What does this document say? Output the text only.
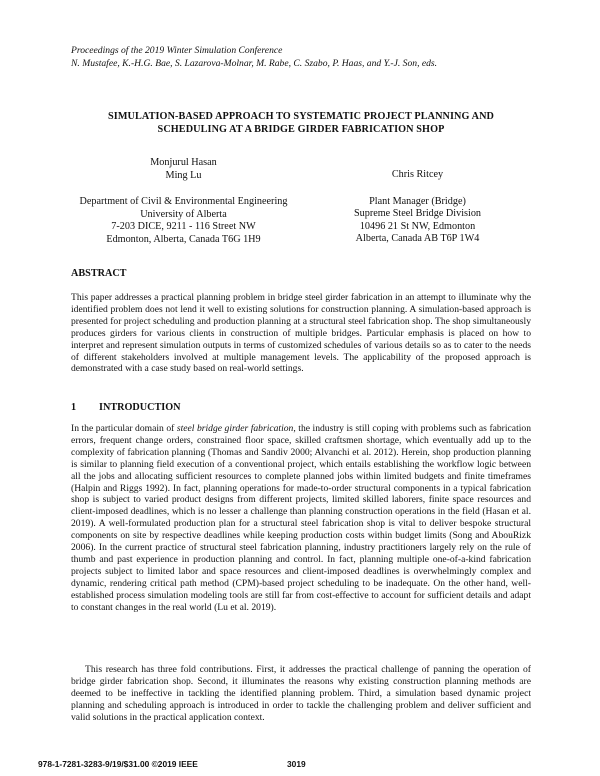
Proceedings of the 2019 Winter Simulation Conference
N. Mustafee, K.-H.G. Bae, S. Lazarova-Molnar, M. Rabe, C. Szabo, P. Haas, and Y.-J. Son, eds.
SIMULATION-BASED APPROACH TO SYSTEMATIC PROJECT PLANNING AND
SCHEDULING AT A BRIDGE GIRDER FABRICATION SHOP
Monjurul Hasan
Ming Lu
Department of Civil & Environmental Engineering
University of Alberta
7-203 DICE, 9211 - 116 Street NW
Edmonton, Alberta, Canada T6G 1H9
Chris Ritcey
Plant Manager (Bridge)
Supreme Steel Bridge Division
10496 21 St NW, Edmonton
Alberta, Canada AB T6P 1W4
ABSTRACT
This paper addresses a practical planning problem in bridge steel girder fabrication in an attempt to illuminate why the identified problem does not lend it well to existing solutions for construction planning. A simulation-based approach is presented for project scheduling and production planning at a structural steel fabrication shop. The shop simultaneously produces girders for various clients in construction of multiple bridges. Particular emphasis is placed on how to interpret and represent simulation outputs in terms of customized schedules of various details so as to cater to the needs of different stakeholders involved at multiple management levels. The applicability of the proposed approach is demonstrated with a case study based on real-world settings.
1 INTRODUCTION
In the particular domain of steel bridge girder fabrication, the industry is still coping with problems such as fabrication errors, frequent change orders, constrained floor space, skilled craftsmen shortage, which eventually add up to the complexity of fabrication planning (Thomas and Sandiv 2000; Alvanchi et al. 2012). Herein, shop production planning is similar to planning field execution of a conventional project, which entails establishing the workflow logic between all the jobs and allocating sufficient resources to complete planned jobs within limited budgets and finite timeframes (Halpin and Riggs 1992). In fact, planning operations for made-to-order structural components in a typical fabrication shop is subject to varied product designs from different projects, limited skilled laborers, finite space resources and client-imposed deadlines, which is no lesser a challenge than planning construction operations in the field (Hasan et al. 2019). A well-formulated production plan for a structural steel fabrication shop is vital to deliver bespoke structural components on site by respective deadlines while keeping production costs within budget limits (Song and AbouRizk 2006). In the current practice of structural steel fabrication planning, industry practitioners largely rely on the rule of thumb and past experience in production planning and control. In fact, planning multiple one-of-a-kind fabrication projects subject to limited labor and space resources and client-imposed deadlines is overwhelmingly complex and dynamic, rendering critical path method (CPM)-based project scheduling to be inadequate. On the other hand, well-established process simulation modeling tools are still far from cost-effective to account for sufficient details and adapt to constant changes in the real world (Lu et al. 2019).
This research has three fold contributions. First, it addresses the practical challenge of panning the operation of bridge girder fabrication shop. Second, it illuminates the reasons why existing construction planning methods are deemed to be ineffective in tackling the identified planning problem. Third, a simulation based dynamic project planning and scheduling approach is introduced in order to tackle the challenging problem and deliver sufficient and valid solutions in the practical application context.
978-1-7281-3283-9/19/$31.00 ©2019 IEEE	3019
